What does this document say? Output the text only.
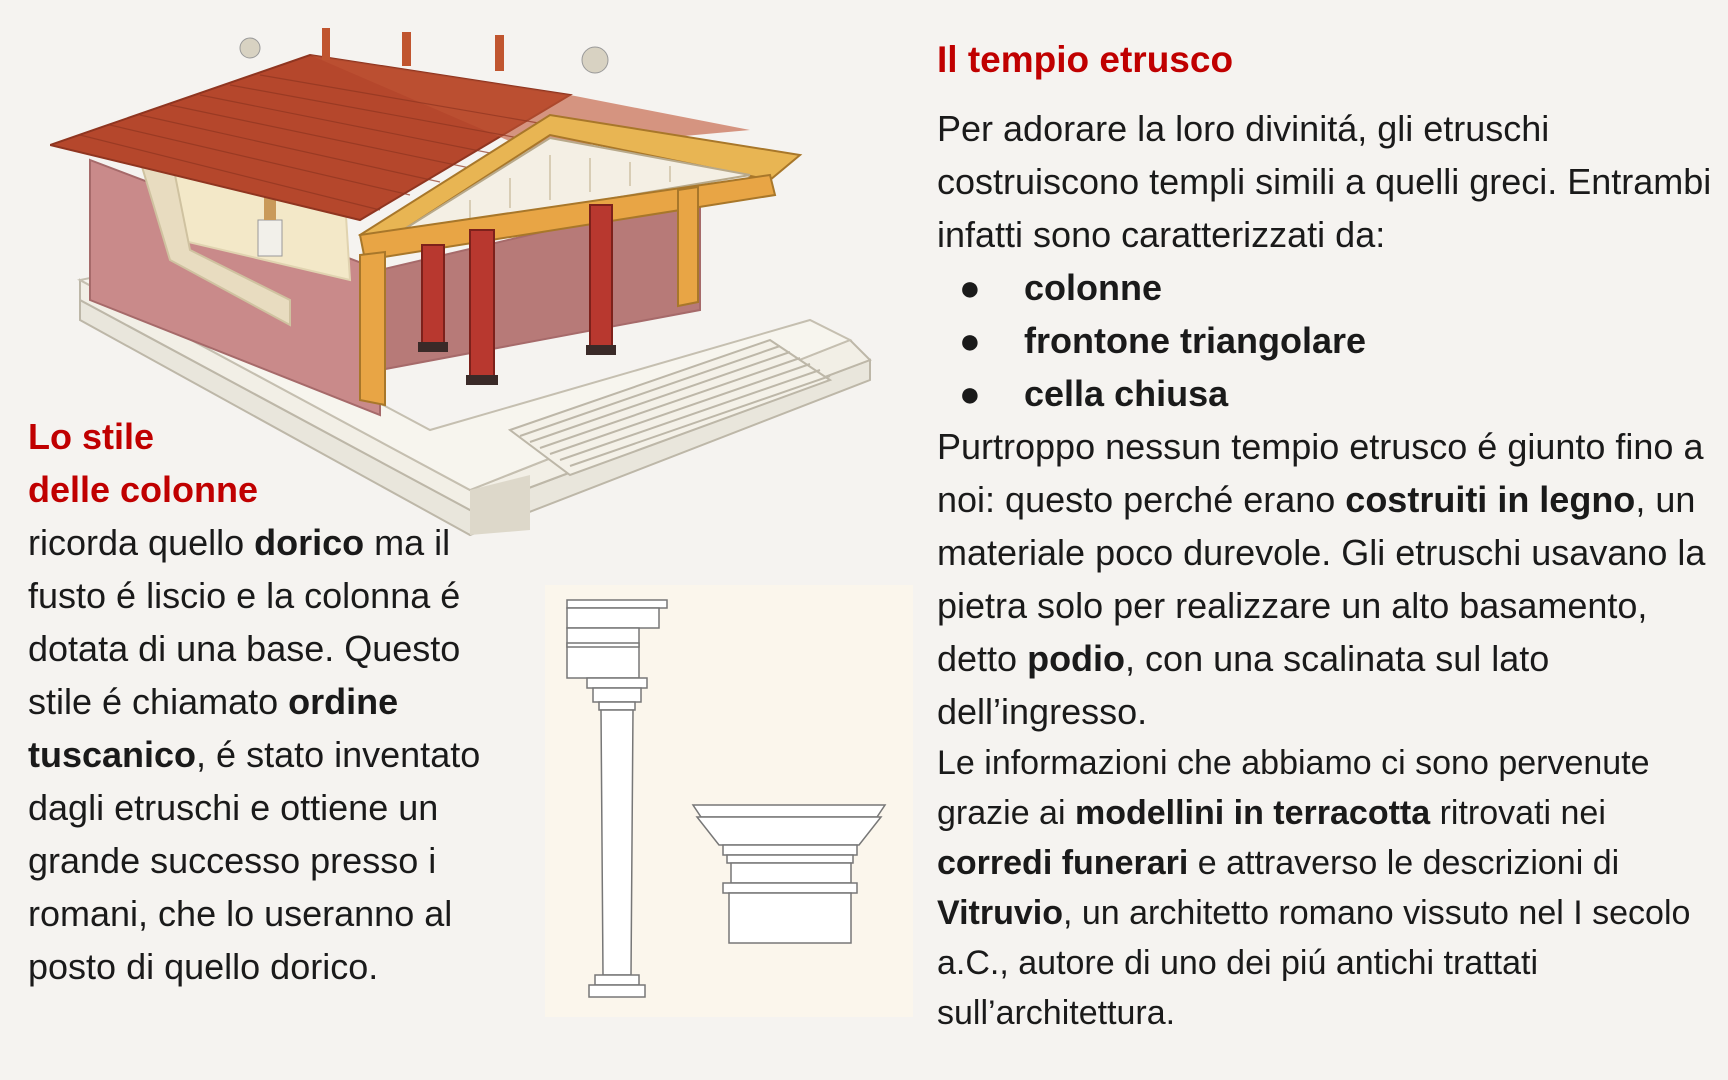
Lo stile
delle colonne
ricorda quello dorico ma il fusto é liscio e la colonna é dotata di una base. Questo stile é chiamato ordine tuscanico, é stato inventato dagli etruschi e ottiene un grande successo presso i romani, che lo useranno al posto di quello dorico.
Il tempio etrusco

Per adorare la loro divinitá, gli etruschi costruiscono templi simili a quelli greci. Entrambi infatti sono caratterizzati da:

● colonne
● frontone triangolare
● cella chiusa

Purtroppo nessun tempio etrusco é giunto fino a noi: questo perché erano costruiti in legno, un materiale poco durevole. Gli etruschi usavano la pietra solo per realizzare un alto basamento, detto podio, con una scalinata sul lato dell’ingresso.

Le informazioni che abbiamo ci sono pervenute grazie ai modellini in terracotta ritrovati nei corredi funerari e attraverso le descrizioni di Vitruvio, un architetto romano vissuto nel I secolo a.C., autore di uno dei piú antichi trattati sull’architettura.
